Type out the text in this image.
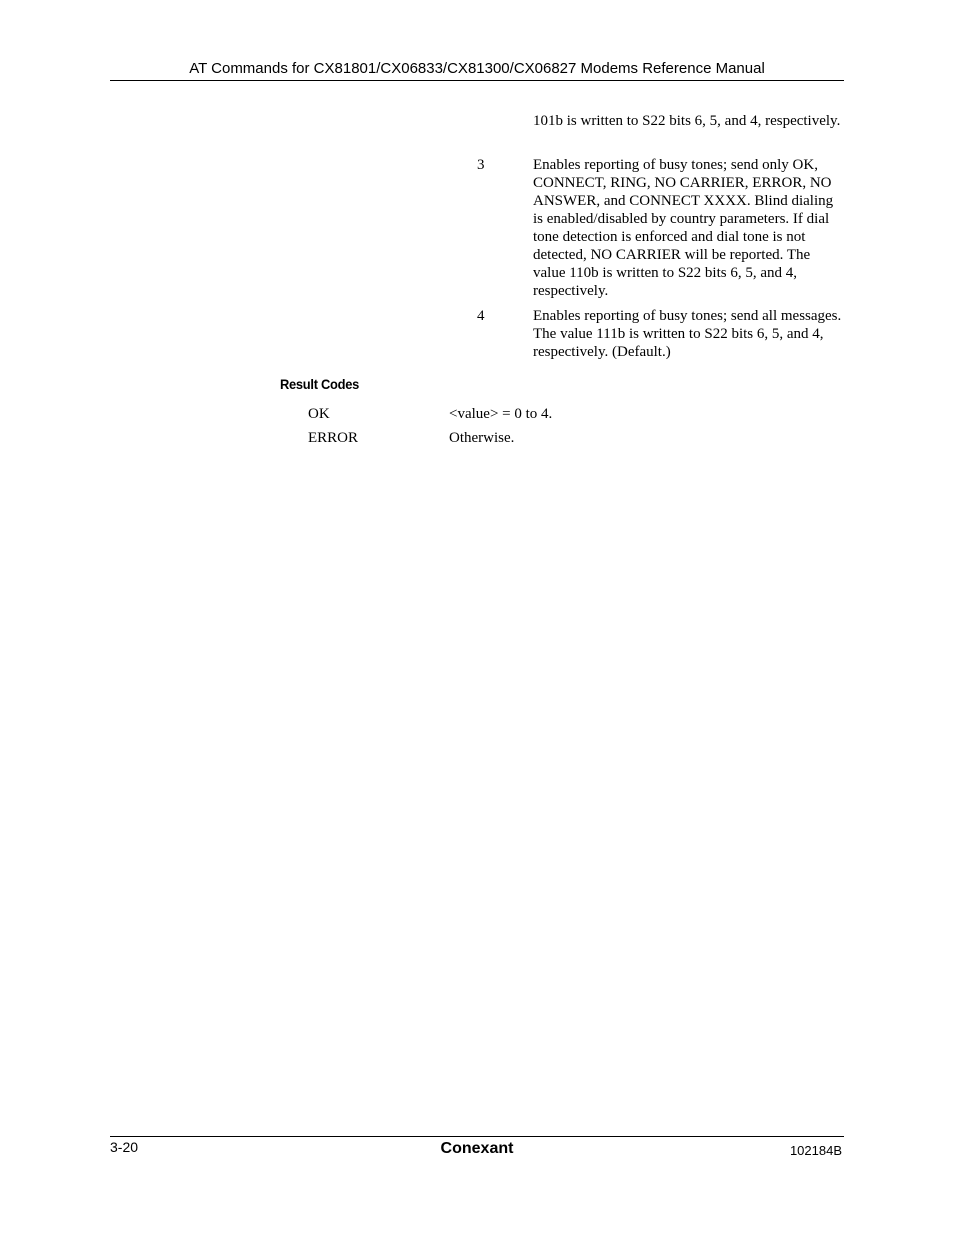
AT Commands for CX81801/CX06833/CX81300/CX06827 Modems Reference Manual
101b is written to S22 bits 6, 5, and 4, respectively.
3	Enables reporting of busy tones; send only OK, CONNECT, RING, NO CARRIER, ERROR, NO ANSWER, and CONNECT XXXX. Blind dialing is enabled/disabled by country parameters. If dial tone detection is enforced and dial tone is not detected, NO CARRIER will be reported. The value 110b is written to S22 bits 6, 5, and 4, respectively.
4	Enables reporting of busy tones; send all messages. The value 111b is written to S22 bits 6, 5, and 4, respectively. (Default.)
Result Codes
OK	<value> = 0 to 4.
ERROR	Otherwise.
3-20	Conexant	102184B
